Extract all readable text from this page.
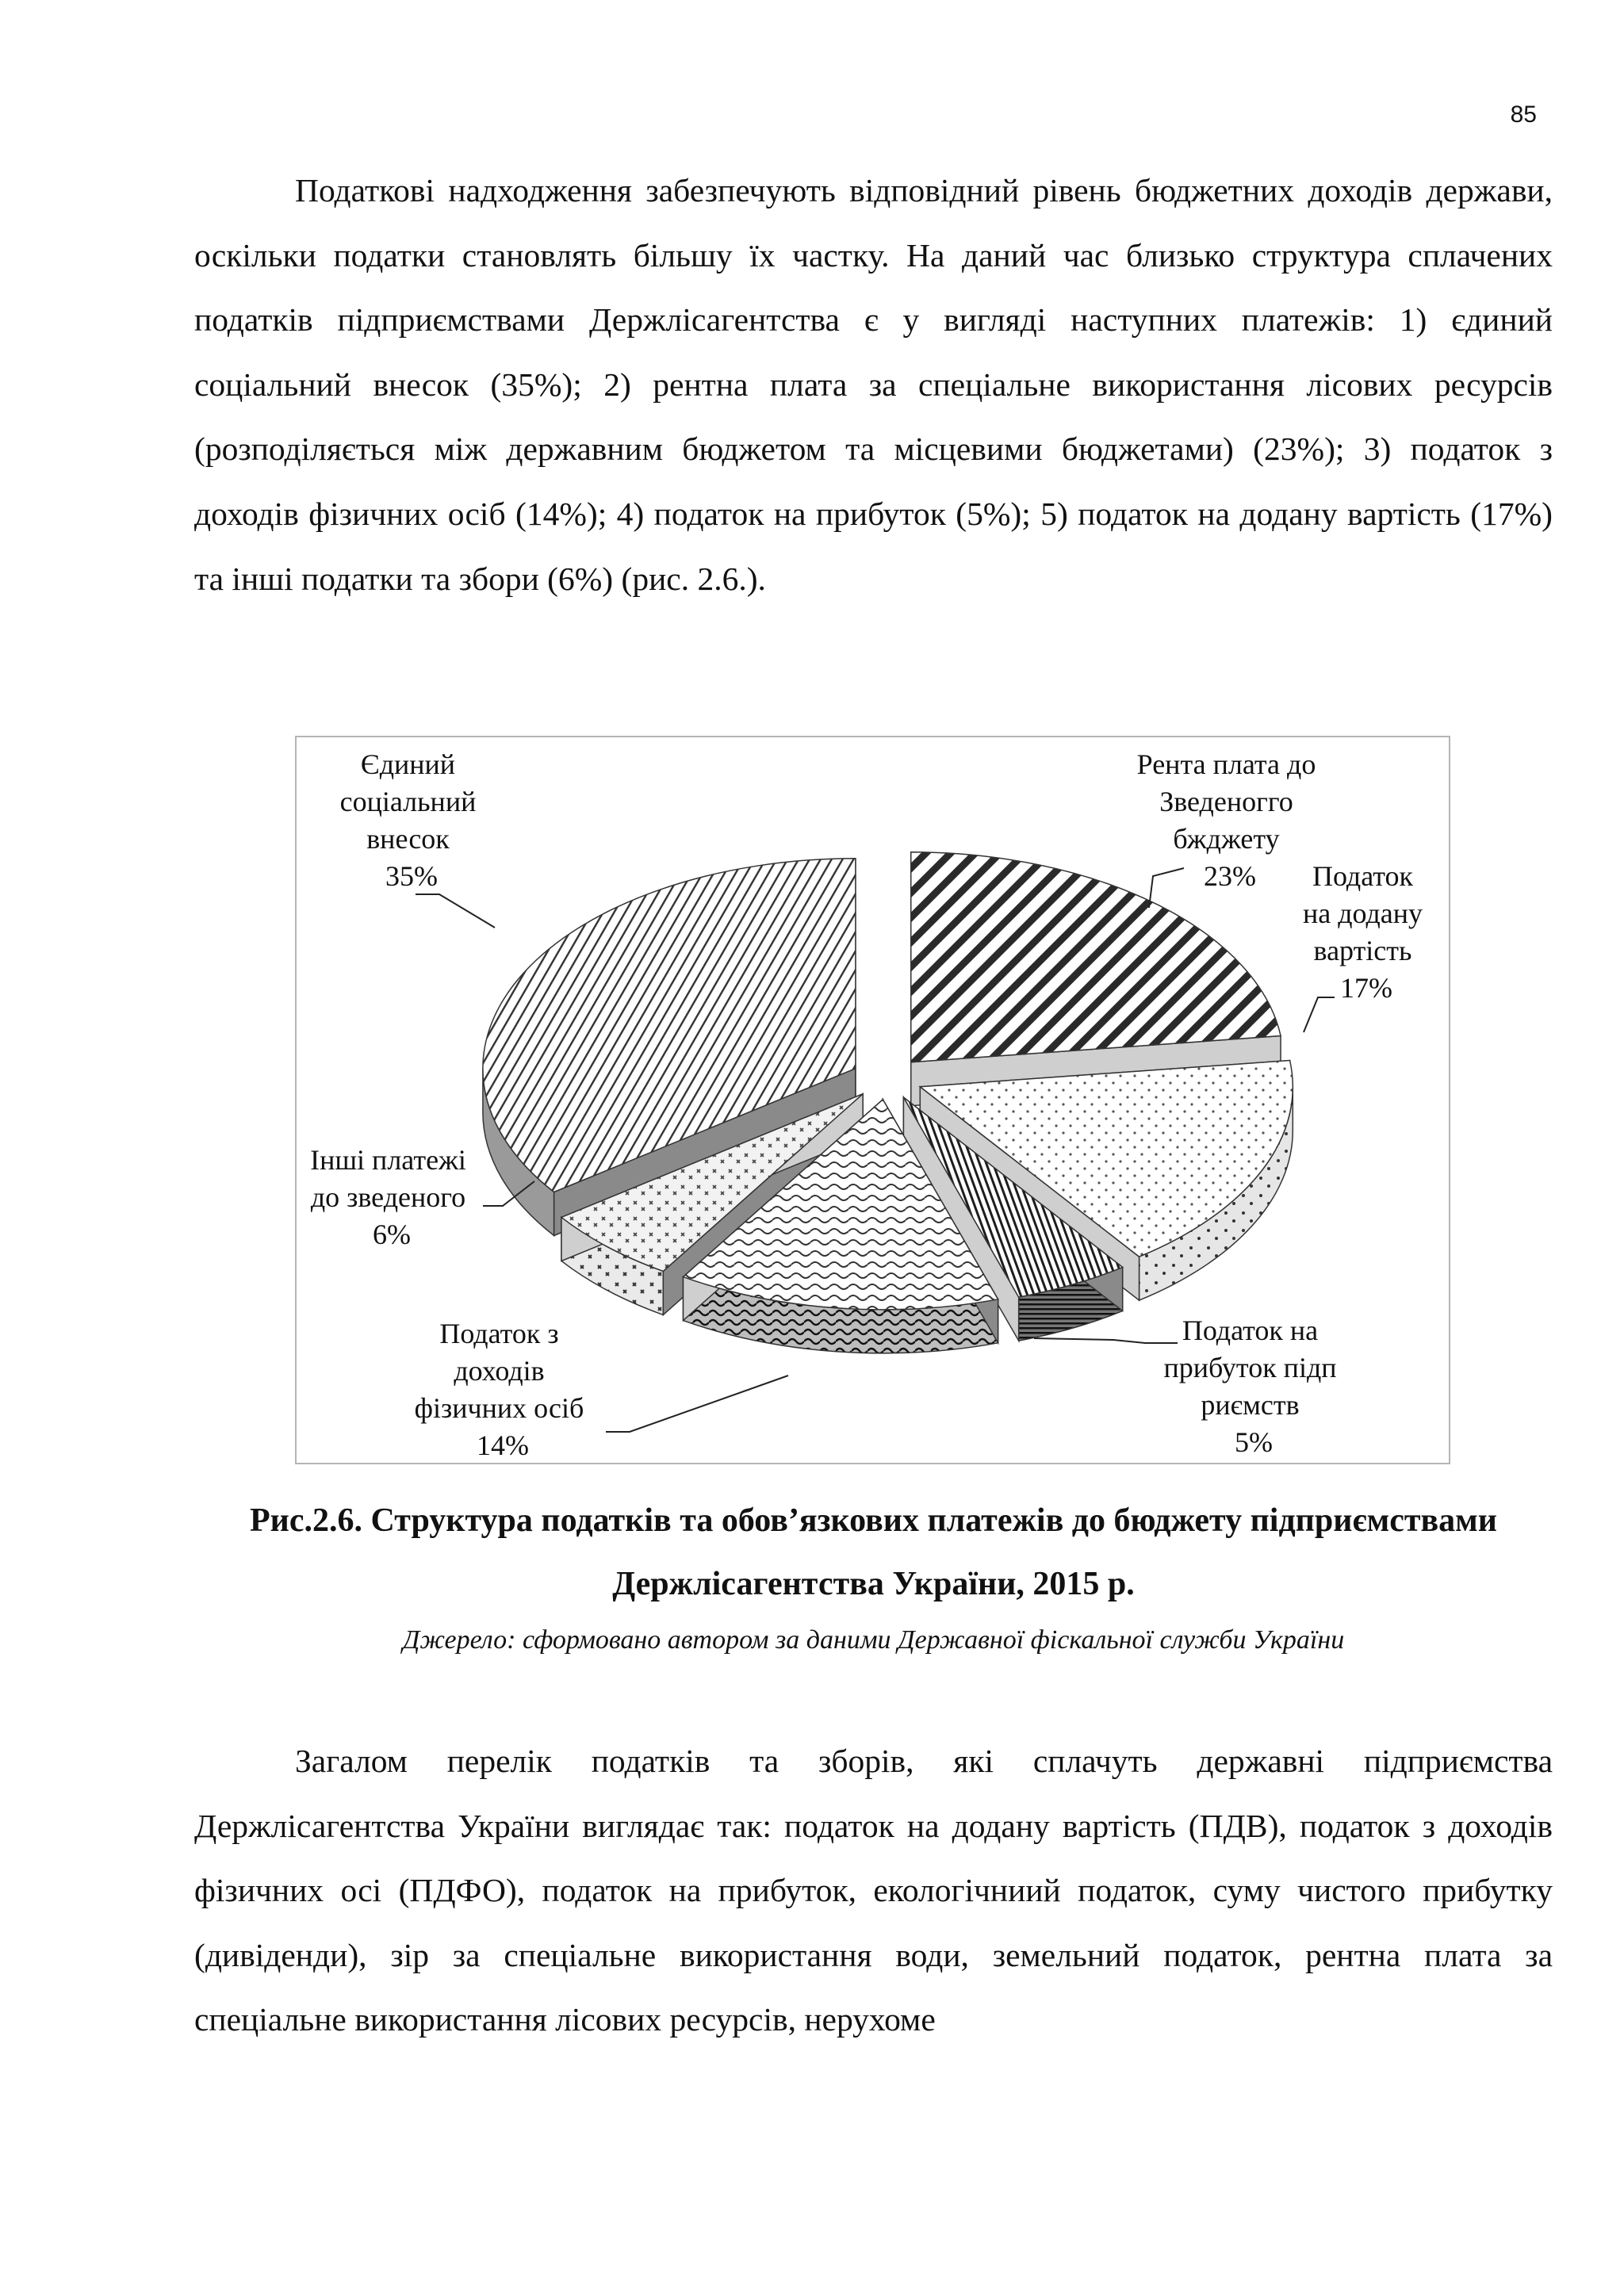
85

Податкові надходження забезпечують відповідний рівень бюджетних доходів держави, оскільки податки становлять більшу їх частку. На даний час близько структура сплачених податків підприємствами Держлісагентства є у вигляді наступних платежів: 1) єдиний соціальний внесок (35%); 2) рентна плата за спеціальне використання лісових ресурсів (розподіляється між державним бюджетом та місцевими бюджетами) (23%); 3) податок з доходів фізичних осіб (14%); 4) податок на прибуток (5%); 5) податок на додану вартість (17%) та інші податки та збори (6%) (рис. 2.6.).

Єдиний соціальний внесок 35%
Рента плата до Зведеногго бжджету 23%	Податок на додану вартість 17%
Податок на прибуток підп риємств 5%
Податок з доходів фізичних осіб 14%
Інші платежі до зведеного 6%

Рис.2.6. Структура податків та обов’язкових платежів до бюджету підприємствами Держлісагентства України, 2015 р.

Джерело: сформовано автором за даними Державної фіскальної служби України

Загалом перелік податків та зборів, які сплачуть державні підприємства Держлісагентства України виглядає так: податок на додану вартість (ПДВ), податок з доходів фізичних осі (ПДФО), податок на прибуток, екологічниий податок, суму чистого прибутку (дивіденди), зір за спеціальне використання води, земельний податок, рентна плата за спеціальне використання лісових ресурсів, нерухоме
